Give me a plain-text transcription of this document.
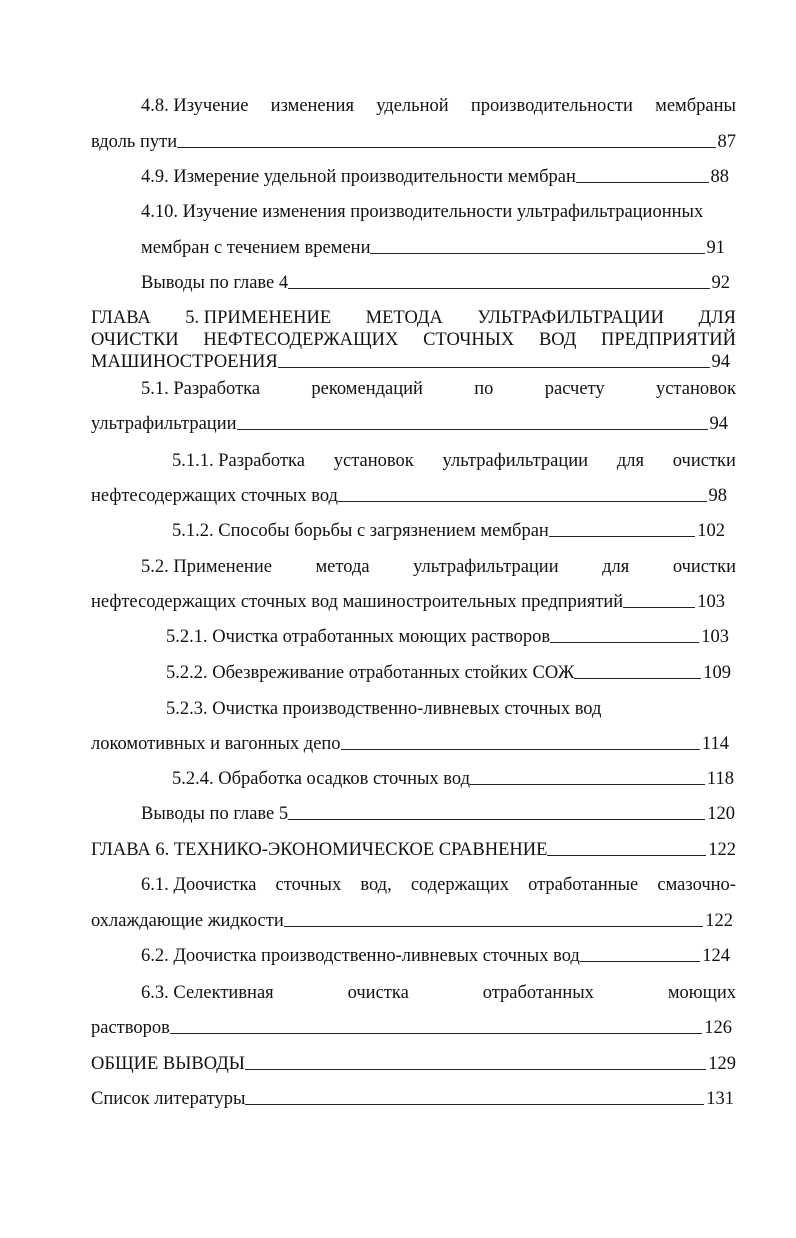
4.8. Изучение изменения удельной производительности мембраны
вдоль пути	87
4.9. Измерение удельной производительности мембран	88
4.10. Изучение изменения производительности ультрафильтрационных
мембран с течением времени	91
Выводы по главе 4	92
ГЛАВА 5. ПРИМЕНЕНИЕ МЕТОДА УЛЬТРАФИЛЬТРАЦИИ ДЛЯ
ОЧИСТКИ НЕФТЕСОДЕРЖАЩИХ СТОЧНЫХ ВОД ПРЕДПРИЯТИЙ
МАШИНОСТРОЕНИЯ	94
5.1. Разработка	рекомендаций	по	расчету	установок
ультрафильтрации	94
5.1.1. Разработка установок ультрафильтрации для очистки
нефтесодержащих сточных вод	98
5.1.2. Способы борьбы с загрязнением мембран	102
5.2. Применение метода ультрафильтрации для очистки
нефтесодержащих сточных вод машиностроительных предприятий	103
5.2.1. Очистка отработанных моющих растворов	103
5.2.2. Обезвреживание отработанных стойких СОЖ	109
5.2.3. Очистка производственно-ливневых сточных вод
локомотивных и вагонных депо	114
5.2.4. Обработка осадков сточных вод	118
Выводы по главе 5	120
ГЛАВА 6. ТЕХНИКО-ЭКОНОМИЧЕСКОЕ СРАВНЕНИЕ	122
6.1. Доочистка сточных вод, содержащих отработанные смазочно-
охлаждающие жидкости	122
6.2. Доочистка производственно-ливневых сточных вод	124
6.3. Селективная	очистка	отработанных	моющих
растворов	126
ОБЩИЕ ВЫВОДЫ	129
Список литературы	131
